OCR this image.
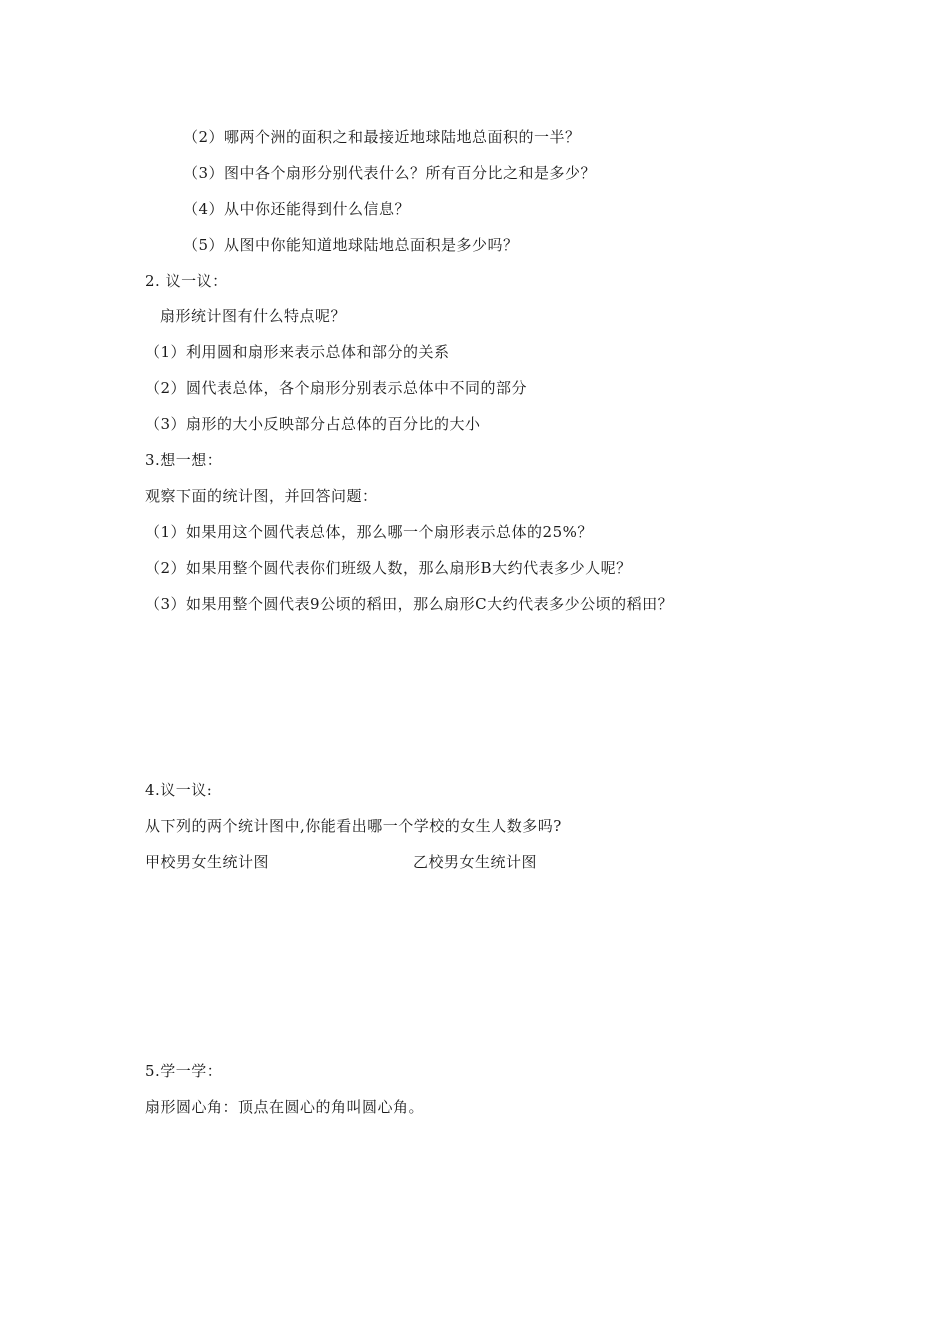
（2）哪两个洲的面积之和最接近地球陆地总面积的一半？
（3）图中各个扇形分别代表什么？所有百分比之和是多少？
（4）从中你还能得到什么信息？
（5）从图中你能知道地球陆地总面积是多少吗？
2. 议一议：
扇形统计图有什么特点呢？
（1）利用圆和扇形来表示总体和部分的关系
（2）圆代表总体，各个扇形分别表示总体中不同的部分
（3）扇形的大小反映部分占总体的百分比的大小
3.想一想：
观察下面的统计图，并回答问题：
（1）如果用这个圆代表总体，那么哪一个扇形表示总体的25%？
（2）如果用整个圆代表你们班级人数，那么扇形B大约代表多少人呢？
（3）如果用整个圆代表9公顷的稻田，那么扇形C大约代表多少公顷的稻田？
4.议一议:
从下列的两个统计图中,你能看出哪一个学校的女生人数多吗?
甲校男女生统计图	乙校男女生统计图
5.学一学：
扇形圆心角：顶点在圆心的角叫圆心角。
